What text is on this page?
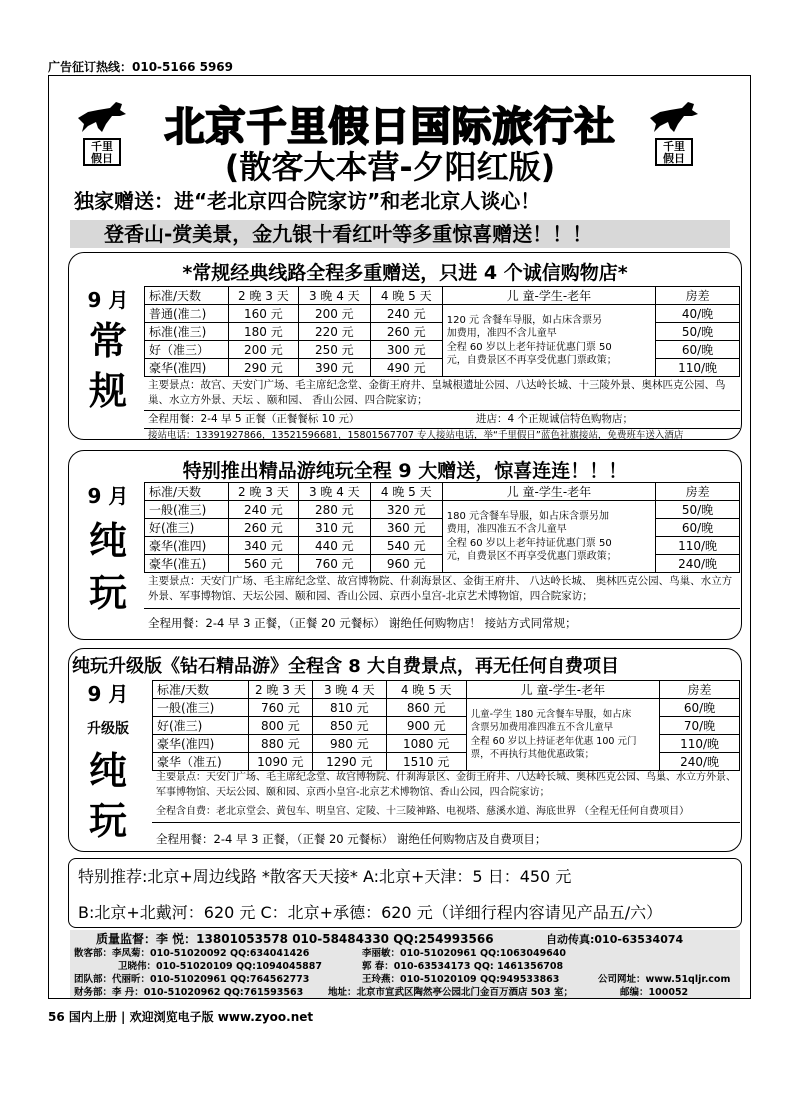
广告征订热线：010-5166 5969
千里
假日
千里
假日
北京千里假日国际旅行社
(散客大本营-夕阳红版)
独家赠送：进“老北京四合院家访”和老北京人谈心！
登香山-赏美景，金九银十看红叶等多重惊喜赠送！！！
*常规经典线路全程多重赠送，只进 4 个诚信购物店*
9 月
常
规
标准/天数	2 晚 3 天	3 晚 4 天	4 晚 5 天	儿 童-学生-老年	房差
普通(准二)	160 元	200 元	240 元	120 元 含餐车导服，如占床含票另
加费用，准四不含儿童早
全程 60 岁以上老年持证优惠门票 50
元，自费景区不再享受优惠门票政策；	40/晚
标准(准三)	180 元	220 元	260 元		50/晚
好（准三）	200 元	250 元	300 元		60/晚
豪华(准四)	290 元	390 元	490 元		110/晚
主要景点：故宫、天安门广场、毛主席纪念堂、金街王府井、皇城根遗址公园、八达岭长城、十三陵外景、奥林匹克公园、鸟巢、水立方外景、天坛 、颐和园、 香山公园、四合院家访；
全程用餐：2-4 早 5 正餐（正餐餐标 10 元）	进店：4 个正规诚信特色购物店；
接站电话：13391927866，13521596681，15801567707 专人接站电话，举“千里假日”蓝色社旗接站，免费班车送入酒店
特别推出精品游纯玩全程 9 大赠送，惊喜连连！！！
9 月
纯
玩
标准/天数	2 晚 3 天	3 晚 4 天	4 晚 5 天	儿 童-学生-老年	房差
一般(准三)	240 元	280 元	320 元	180 元含餐车导服，如占床含票另加
费用，准四准五不含儿童早
全程 60 岁以上老年持证优惠门票 50
元，自费景区不再享受优惠门票政策；	50/晚
好(准三)	260 元	310 元	360 元		60/晚
豪华(准四)	340 元	440 元	540 元		110/晚
豪华(准五)	560 元	760 元	960 元		240/晚
主要景点：天安门广场、毛主席纪念堂、故宫博物院、什刹海景区、金街王府井、 八达岭长城、 奥林匹克公园、鸟巢、水立方外景、军事博物馆、天坛公园、颐和园、香山公园、京西小皇宫-北京艺术博物馆，四合院家访；
全程用餐：2-4 早 3 正餐，（正餐 20 元餐标） 谢绝任何购物店！ 接站方式同常规；
纯玩升级版《钻石精品游》全程含 8 大自费景点，再无任何自费项目
9 月
升级版
纯
玩
标准/天数	2 晚 3 天	3 晚 4 天	4 晚 5 天	儿 童-学生-老年	房差
一般(准三)	760 元	810 元	860 元	儿童-学生 180 元含餐车导服，如占床
含票另加费用准四准五不含儿童早
全程 60 岁以上持证老年优惠 100 元门
票，不再执行其他优惠政策；	60/晚
好(准三)	800 元	850 元	900 元		70/晚
豪华(准四)	880 元	980 元	1080 元		110/晚
豪华（准五)	1090 元	1290 元	1510 元		240/晚
主要景点：天安门广场、毛主席纪念堂、故宫博物院、什刹海景区、金街王府井、八达岭长城、奥林匹克公园、鸟巢、水立方外景、军事博物馆、天坛公园、颐和园、京西小皇宫-北京艺术博物馆、香山公园，四合院家访；
全程含自费：老北京堂会、黄包车、明皇宫、定陵、十三陵神路、电视塔、慈溪水道、海底世界 （全程无任何自费项目）
全程用餐：2-4 早 3 正餐，（正餐 20 元餐标） 谢绝任何购物店及自费项目；
特别推荐:北京+周边线路 *散客天天接* A:北京+天津：5 日：450 元
B:北京+北戴河：620 元 C：北京+承德：620 元（详细行程内容请见产品五/六）
质量监督：李 悦：13801053578 010-58484330 QQ:254993566	自动传真:010-63534074
散客部：李凤菊：010-51020092 QQ:634041426	李丽敏：010-51020961 QQ:1063049640
卫晓伟：010-51020109 QQ:1094045887	郭 春：010-63534173 QQ: 1461356708
团队部：代丽昕：010-51020961 QQ:764562773	王玲燕：010-51020109 QQ:949533863	公司网址：www.51qljr.com
财务部：李 丹：010-51020962 QQ:761593563	地址：北京市宣武区陶然亭公园北门金百万酒店 503 室；	邮编：100052
56 国内上册 | 欢迎浏览电子版 www.zyoo.net
